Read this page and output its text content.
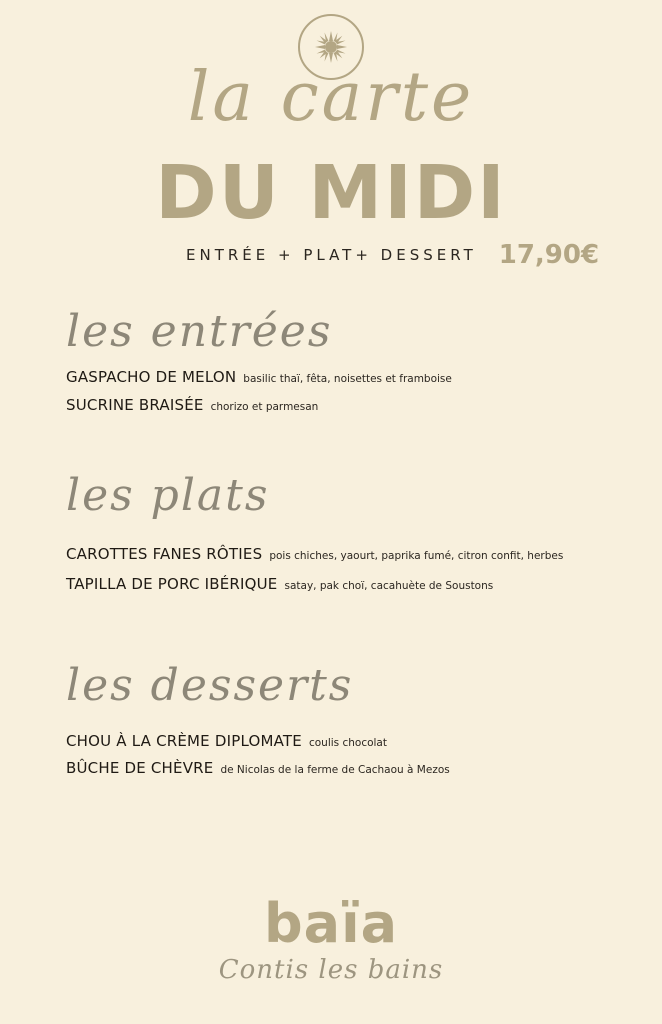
la carte
DU MIDI
ENTRÉE + PLAT+ DESSERT 17,90€
les entrées
GASPACHO DE MELON basilic thaï, fêta, noisettes et framboise
SUCRINE BRAISÉE chorizo et parmesan
les plats
CAROTTES FANES RÔTIES pois chiches, yaourt, paprika fumé, citron confit, herbes
TAPILLA DE PORC IBÉRIQUE satay, pak choï, cacahuète de Soustons
les desserts
CHOU À LA CRÈME DIPLOMATE coulis chocolat
BÛCHE DE CHÈVRE de Nicolas de la ferme de Cachaou à Mezos
baïa
Contis les bains
